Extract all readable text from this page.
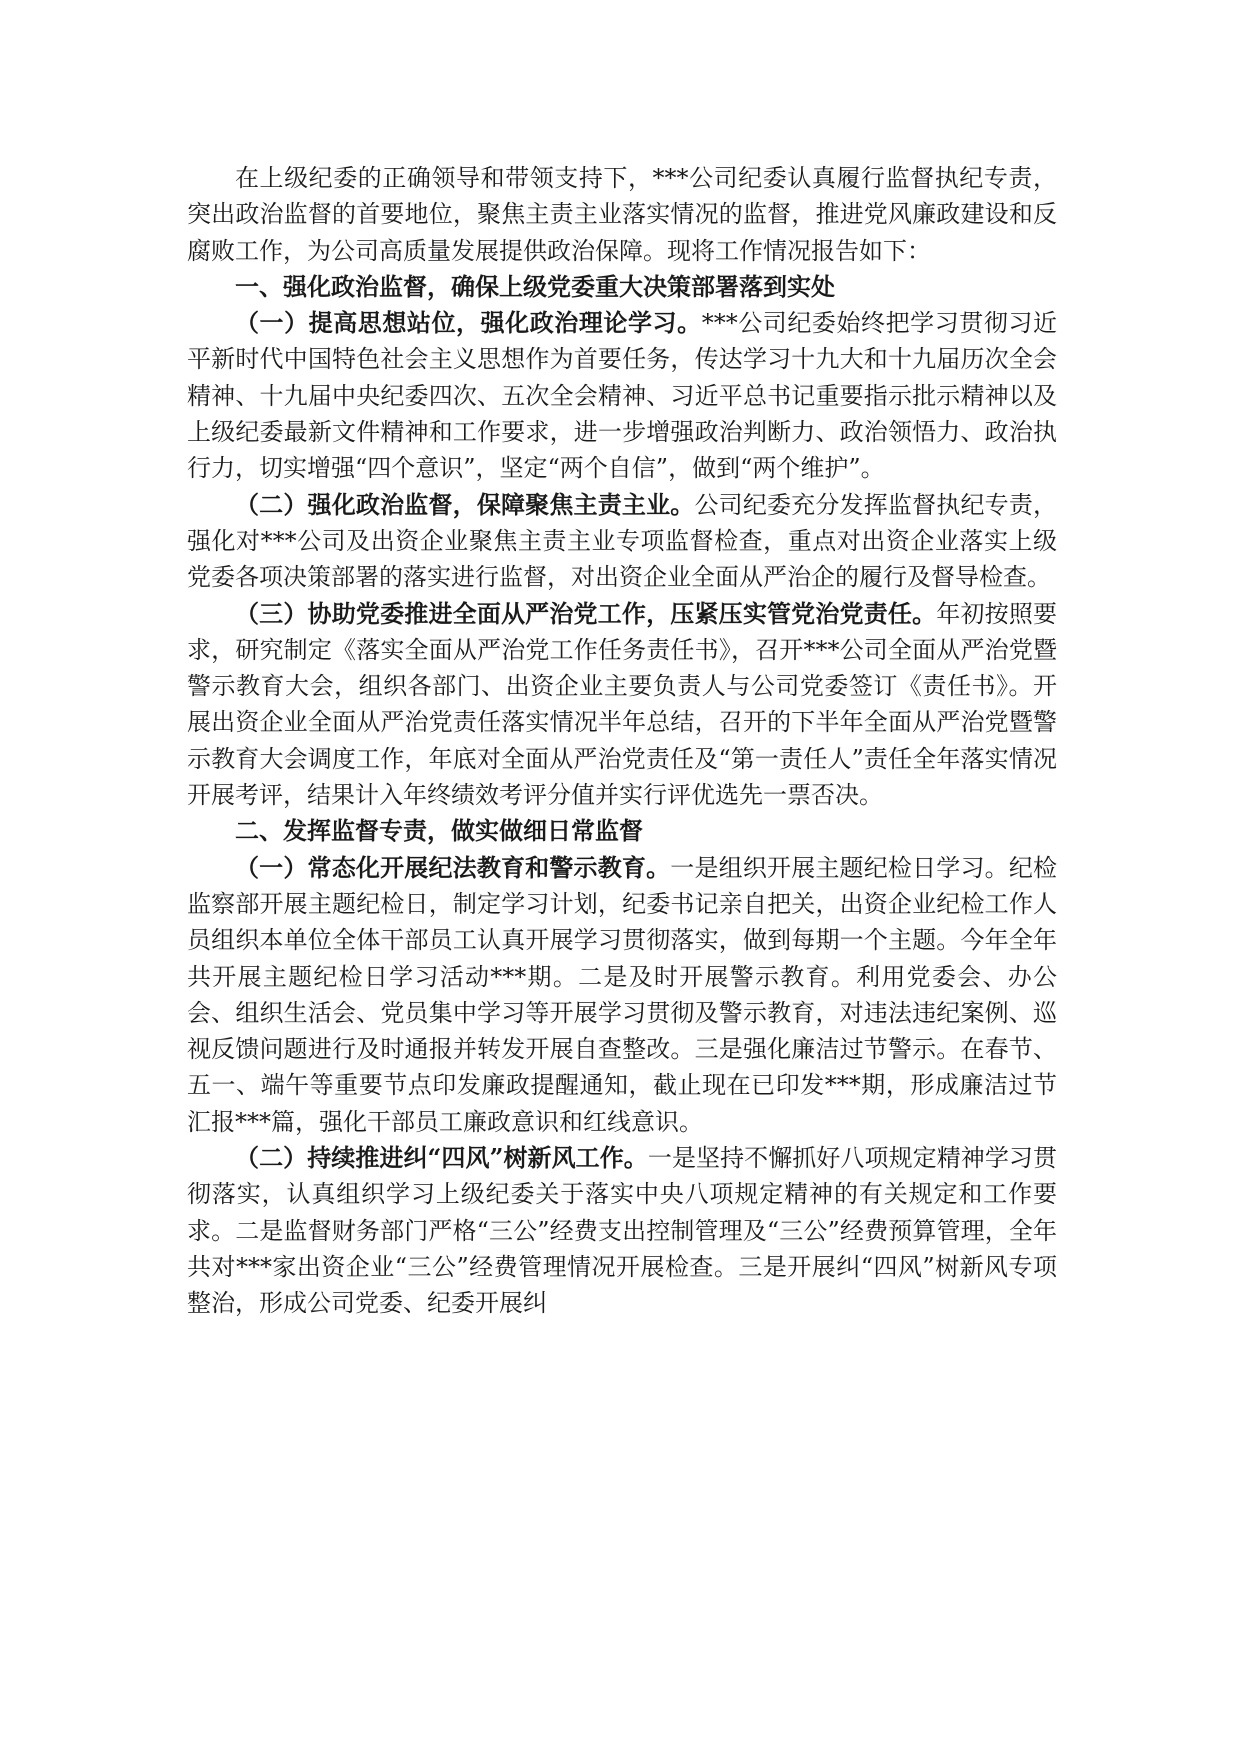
在上级纪委的正确领导和带领支持下，***公司纪委认真履行监督执纪专责，突出政治监督的首要地位，聚焦主责主业落实情况的监督，推进党风廉政建设和反腐败工作，为公司高质量发展提供政治保障。现将工作情况报告如下：

一、强化政治监督，确保上级党委重大决策部署落到实处

（一）提高思想站位，强化政治理论学习。***公司纪委始终把学习贯彻习近平新时代中国特色社会主义思想作为首要任务，传达学习十九大和十九届历次全会精神、十九届中央纪委四次、五次全会精神、习近平总书记重要指示批示精神以及上级纪委最新文件精神和工作要求，进一步增强政治判断力、政治领悟力、政治执行力，切实增强“四个意识”，坚定“两个自信”，做到“两个维护”。

（二）强化政治监督，保障聚焦主责主业。公司纪委充分发挥监督执纪专责，强化对***公司及出资企业聚焦主责主业专项监督检查，重点对出资企业落实上级党委各项决策部署的落实进行监督，对出资企业全面从严治企的履行及督导检查。

（三）协助党委推进全面从严治党工作，压紧压实管党治党责任。年初按照要求，研究制定《落实全面从严治党工作任务责任书》，召开***公司全面从严治党暨警示教育大会，组织各部门、出资企业主要负责人与公司党委签订《责任书》。开展出资企业全面从严治党责任落实情况半年总结，召开的下半年全面从严治党暨警示教育大会调度工作，年底对全面从严治党责任及“第一责任人”责任全年落实情况开展考评，结果计入年终绩效考评分值并实行评优选先一票否决。

二、发挥监督专责，做实做细日常监督

（一）常态化开展纪法教育和警示教育。一是组织开展主题纪检日学习。纪检监察部开展主题纪检日，制定学习计划，纪委书记亲自把关，出资企业纪检工作人员组织本单位全体干部员工认真开展学习贯彻落实，做到每期一个主题。今年全年共开展主题纪检日学习活动***期。二是及时开展警示教育。利用党委会、办公会、组织生活会、党员集中学习等开展学习贯彻及警示教育，对违法违纪案例、巡视反馈问题进行及时通报并转发开展自查整改。三是强化廉洁过节警示。在春节、五一、端午等重要节点印发廉政提醒通知，截止现在已印发***期，形成廉洁过节汇报***篇，强化干部员工廉政意识和红线意识。

（二）持续推进纠“四风”树新风工作。一是坚持不懈抓好八项规定精神学习贯彻落实，认真组织学习上级纪委关于落实中央八项规定精神的有关规定和工作要求。二是监督财务部门严格“三公”经费支出控制管理及“三公”经费预算管理，全年共对***家出资企业“三公”经费管理情况开展检查。三是开展纠“四风”树新风专项整治，形成公司党委、纪委开展纠
